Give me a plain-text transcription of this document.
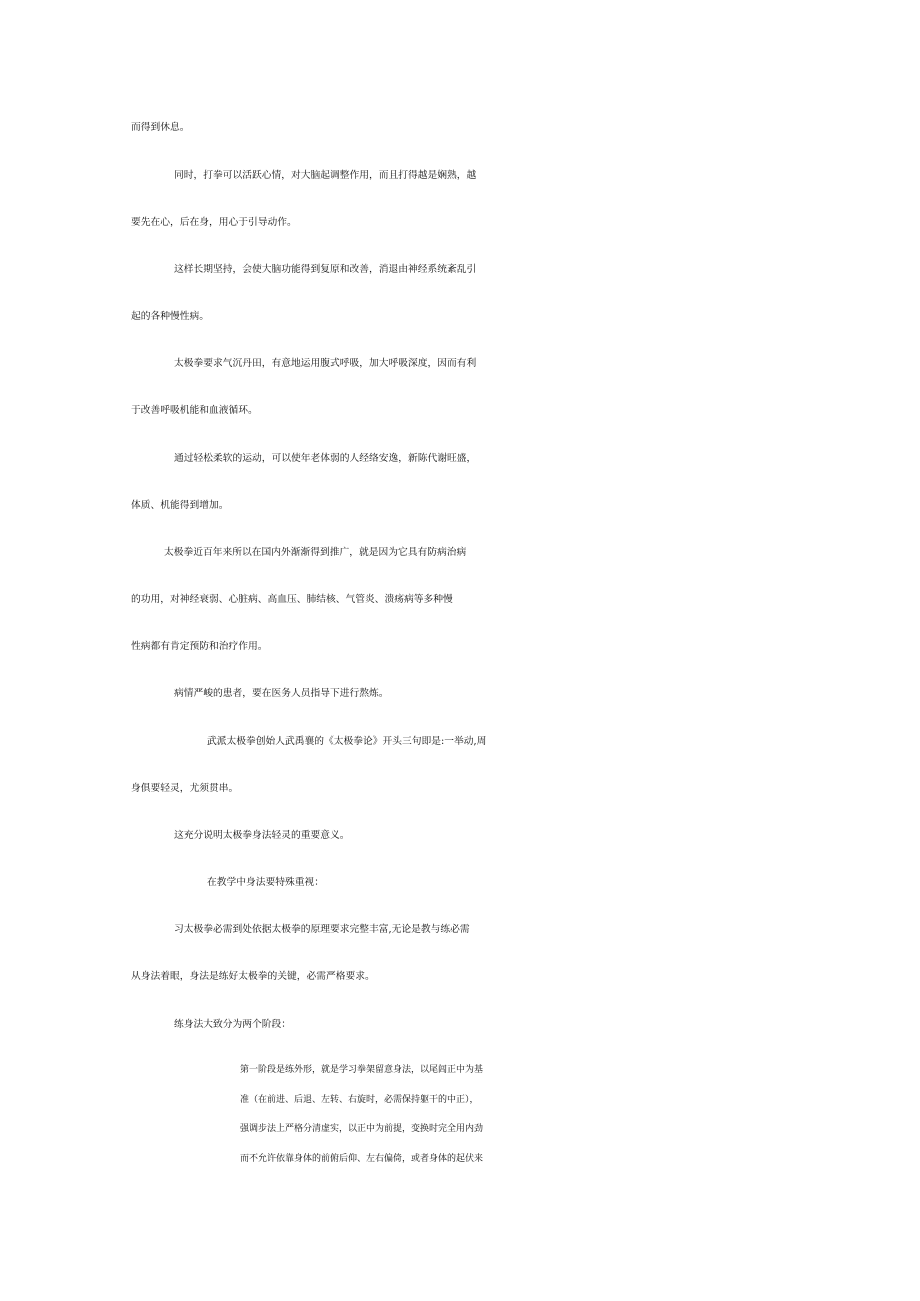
而得到休息。

同时，打拳可以活跃心情，对大脑起调整作用，而且打得越是娴熟，越

要先在心，后在身，用心于引导动作。

这样长期坚持，会使大脑功能得到复原和改善，消退由神经系统紊乱引

起的各种慢性病。

太极拳要求气沉丹田，有意地运用腹式呼吸，加大呼吸深度，因而有利

于改善呼吸机能和血液循环。

通过轻松柔软的运动，可以使年老体弱的人经络安逸，新陈代谢旺盛，

体质、机能得到增加。

太极拳近百年来所以在国内外渐渐得到推广，就是因为它具有防病治病

的功用，对神经衰弱、心脏病、高血压、肺结核、气管炎、溃疡病等多种慢

性病都有肯定预防和治疗作用。

病情严峻的患者，要在医务人员指导下进行熬炼。

武派太极拳创始人武禹襄的《太极拳论》开头三句即是:一举动,周

身俱要轻灵，尤须贯串。

这充分说明太极拳身法轻灵的重要意义。

在教学中身法要特殊重视：

习太极拳必需到处依据太极拳的原理要求完整丰富,无论是教与练必需

从身法着眼，身法是练好太极拳的关键，必需严格要求。

练身法大致分为两个阶段：

第一阶段是练外形，就是学习拳架留意身法，以尾闾正中为基

准（在前进、后退、左转、右旋时，必需保持躯干的中正），

强调步法上严格分清虚实，以正中为前提，变换时完全用内劲

而不允许依靠身体的前俯后仰、左右偏倚，或者身体的起伏来
